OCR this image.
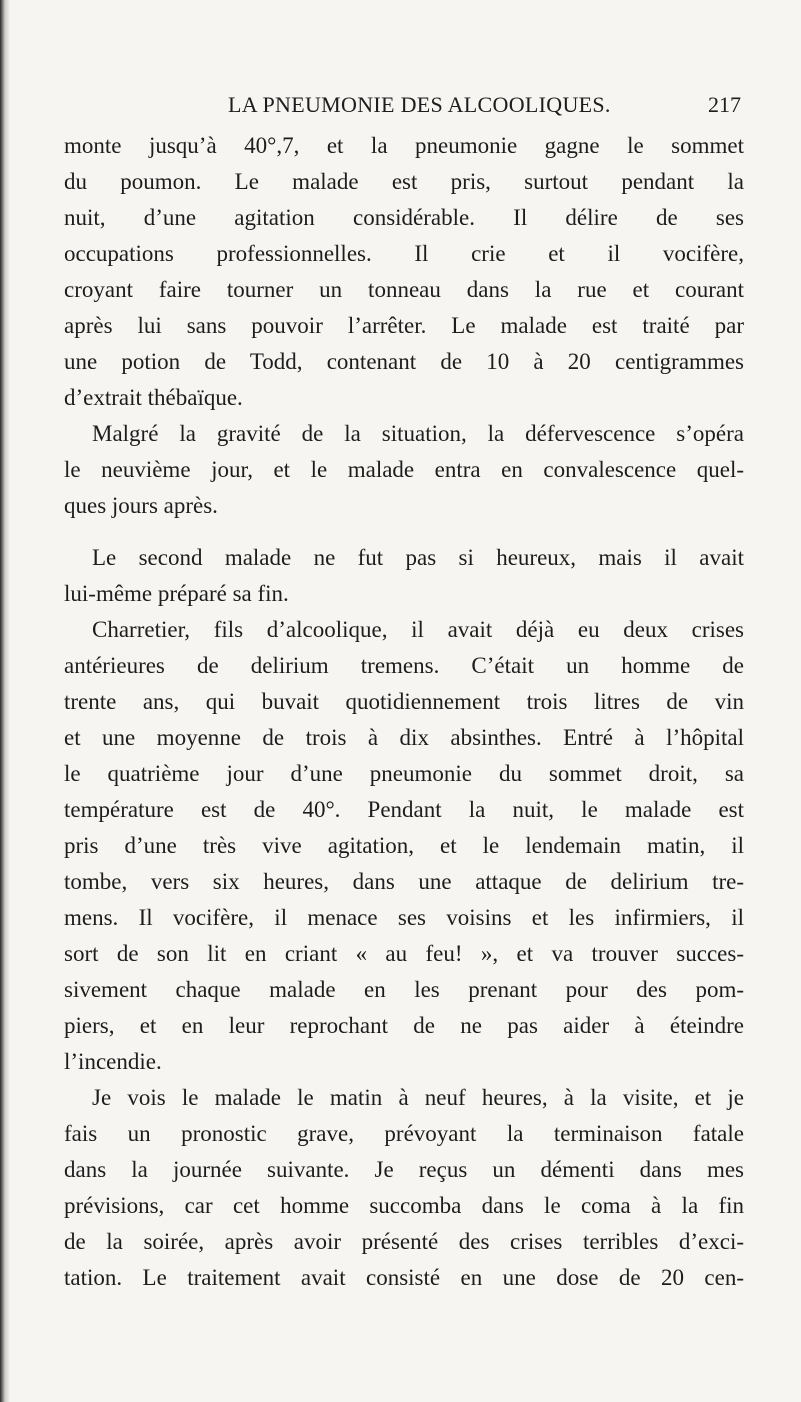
LA PNEUMONIE DES ALCOOLIQUES.	217

monte jusqu’à 40°,7, et la pneumonie gagne le sommet
du poumon. Le malade est pris, surtout pendant la
nuit, d’une agitation considérable. Il délire de ses
occupations professionnelles. Il crie et il vocifère,
croyant faire tourner un tonneau dans la rue et courant
après lui sans pouvoir l’arrêter. Le malade est traité par
une potion de Todd, contenant de 10 à 20 centigrammes
d’extrait thébaïque.

Malgré la gravité de la situation, la défervescence s’opéra
le neuvième jour, et le malade entra en convalescence quel-
ques jours après.

Le second malade ne fut pas si heureux, mais il avait
lui-même préparé sa fin.

Charretier, fils d’alcoolique, il avait déjà eu deux crises
antérieures de delirium tremens. C’était un homme de
trente ans, qui buvait quotidiennement trois litres de vin
et une moyenne de trois à dix absinthes. Entré à l’hôpital
le quatrième jour d’une pneumonie du sommet droit, sa
température est de 40°. Pendant la nuit, le malade est
pris d’une très vive agitation, et le lendemain matin, il
tombe, vers six heures, dans une attaque de delirium tre-
mens. Il vocifère, il menace ses voisins et les infirmiers, il
sort de son lit en criant « au feu! », et va trouver succes-
sivement chaque malade en les prenant pour des pom-
piers, et en leur reprochant de ne pas aider à éteindre
l’incendie.

Je vois le malade le matin à neuf heures, à la visite, et je
fais un pronostic grave, prévoyant la terminaison fatale
dans la journée suivante. Je reçus un démenti dans mes
prévisions, car cet homme succomba dans le coma à la fin
de la soirée, après avoir présenté des crises terribles d’exci-
tation. Le traitement avait consisté en une dose de 20 cen-
